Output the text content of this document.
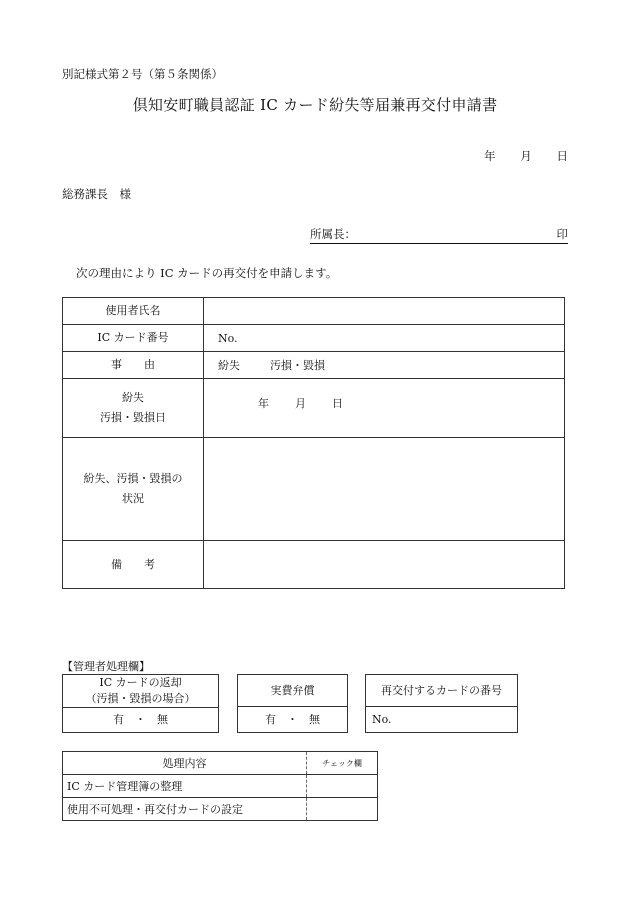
別記様式第２号（第５条関係）
倶知安町職員認証 IC カード紛失等届兼再交付申請書
年 月 日
総務課長　様
所属長：	印
次の理由により IC カードの再交付を申請します。
使用者氏名	
IC カード番号	No.
事　　由	紛失 汚損・毀損

紛失
汚損・毀損日	年 月 日

紛失、汚損・毀損の
状況	

備　　考	
【管理者処理欄】
IC カードの返却
（汚損・毀損の場合）

有　・　無
実費弁償
有　・　無
再交付するカードの番号
No.
処理内容	チェック欄
IC カード管理簿の整理	
使用不可処理・再交付カードの設定	
